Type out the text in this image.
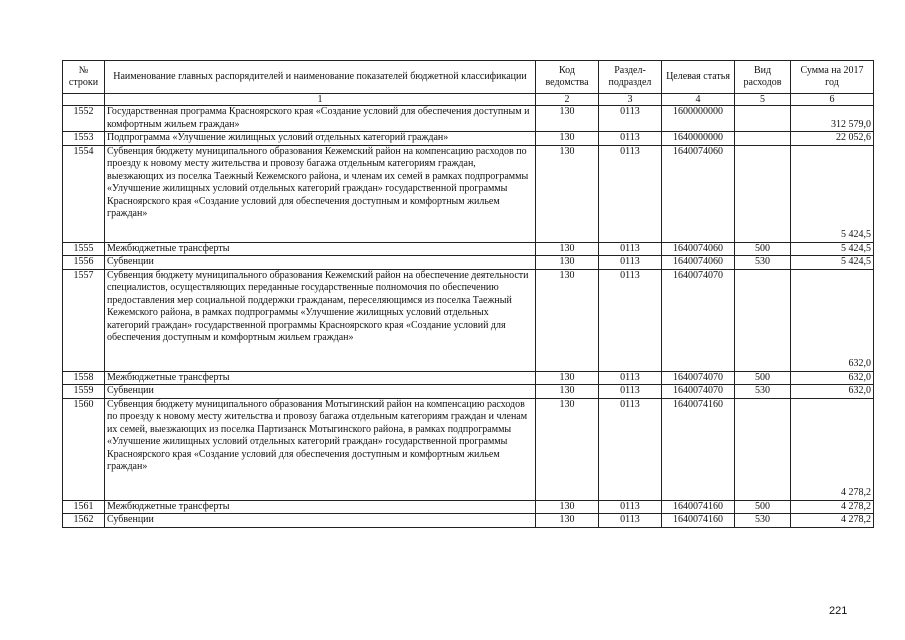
№ строки	Наименование главных распорядителей и наименование показателей бюджетной классификации	Код ведомства	Раздел-подраздел	Целевая статья	Вид расходов	Сумма на 2017 год
	1	2	3	4	5	6
1552	Государственная программа Красноярского края «Создание условий для обеспечения доступным и комфортным жильем граждан»	130	0113	1600000000		312 579,0
1553	Подпрограмма «Улучшение жилищных условий отдельных категорий граждан»	130	0113	1640000000		22 052,6
1554	Субвенция бюджету муниципального образования Кежемский район на компенсацию расходов по проезду к новому месту жительства и провозу багажа отдельным категориям граждан, выезжающих из поселка Таежный Кежемского района, и членам их семей в рамках подпрограммы «Улучшение жилищных условий отдельных категорий граждан» государственной программы Красноярского края «Создание условий для обеспечения доступным и комфортным жильем граждан»	130	0113	1640074060		5 424,5
1555	Межбюджетные трансферты	130	0113	1640074060	500	5 424,5
1556	Субвенции	130	0113	1640074060	530	5 424,5
1557	Субвенция бюджету муниципального образования Кежемский район на обеспечение деятельности специалистов, осуществляющих переданные государственные полномочия по обеспечению предоставления мер социальной поддержки гражданам, переселяющимся из поселка Таежный Кежемского района, в рамках подпрограммы «Улучшение жилищных условий отдельных категорий граждан» государственной программы Красноярского края «Создание условий для обеспечения доступным и комфортным жильем граждан»	130	0113	1640074070		632,0
1558	Межбюджетные трансферты	130	0113	1640074070	500	632,0
1559	Субвенции	130	0113	1640074070	530	632,0
1560	Субвенция бюджету муниципального образования Мотыгинский район на компенсацию расходов по проезду к новому месту жительства и провозу багажа отдельным категориям граждан и членам их семей, выезжающих из поселка Партизанск Мотыгинского района, в рамках подпрограммы «Улучшение жилищных условий отдельных категорий граждан» государственной программы Красноярского края «Создание условий для обеспечения доступным и комфортным жильем граждан»	130	0113	1640074160		4 278,2
1561	Межбюджетные трансферты	130	0113	1640074160	500	4 278,2
1562	Субвенции	130	0113	1640074160	530	4 278,2
221
